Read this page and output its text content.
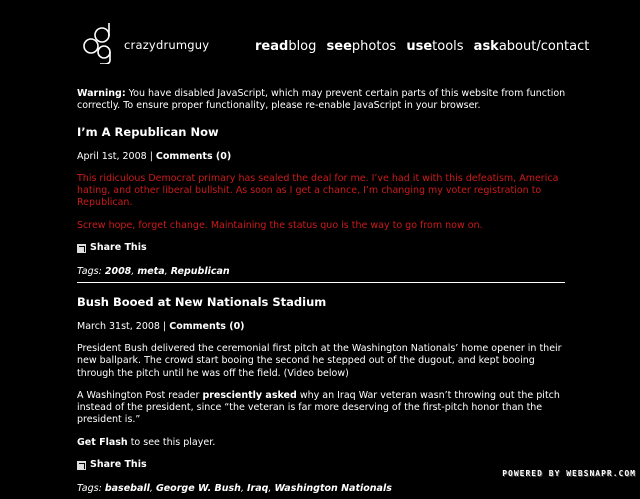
crazydrumguy	readblog seephotos usetools askabout/contact
Warning: You have disabled JavaScript, which may prevent certain parts of this website from function correctly. To ensure proper functionality, please re-enable JavaScript in your browser.
I’m A Republican Now
April 1st, 2008 | Comments (0)

This ridiculous Democrat primary has sealed the deal for me. I’ve had it with this defeatism, America hating, and other liberal bullshit. As soon as I get a chance, I’m changing my voter registration to Republican.

Screw hope, forget change. Maintaining the status quo is the way to go from now on.

Share This
Tags: 2008, meta, Republican
Bush Booed at New Nationals Stadium
March 31st, 2008 | Comments (0)

President Bush delivered the ceremonial first pitch at the Washington Nationals’ home opener in their new ballpark. The crowd start booing the second he stepped out of the dugout, and kept booing through the pitch until he was off the field. (Video below)

A Washington Post reader presciently asked why an Iraq War veteran wasn’t throwing out the pitch instead of the president, since “the veteran is far more deserving of the first-pitch honor than the president is.”

Get Flash to see this player.

Share This
Tags: baseball, George W. Bush, Iraq, Washington Nationals
POWERED BY WEBSNAPR.COM
